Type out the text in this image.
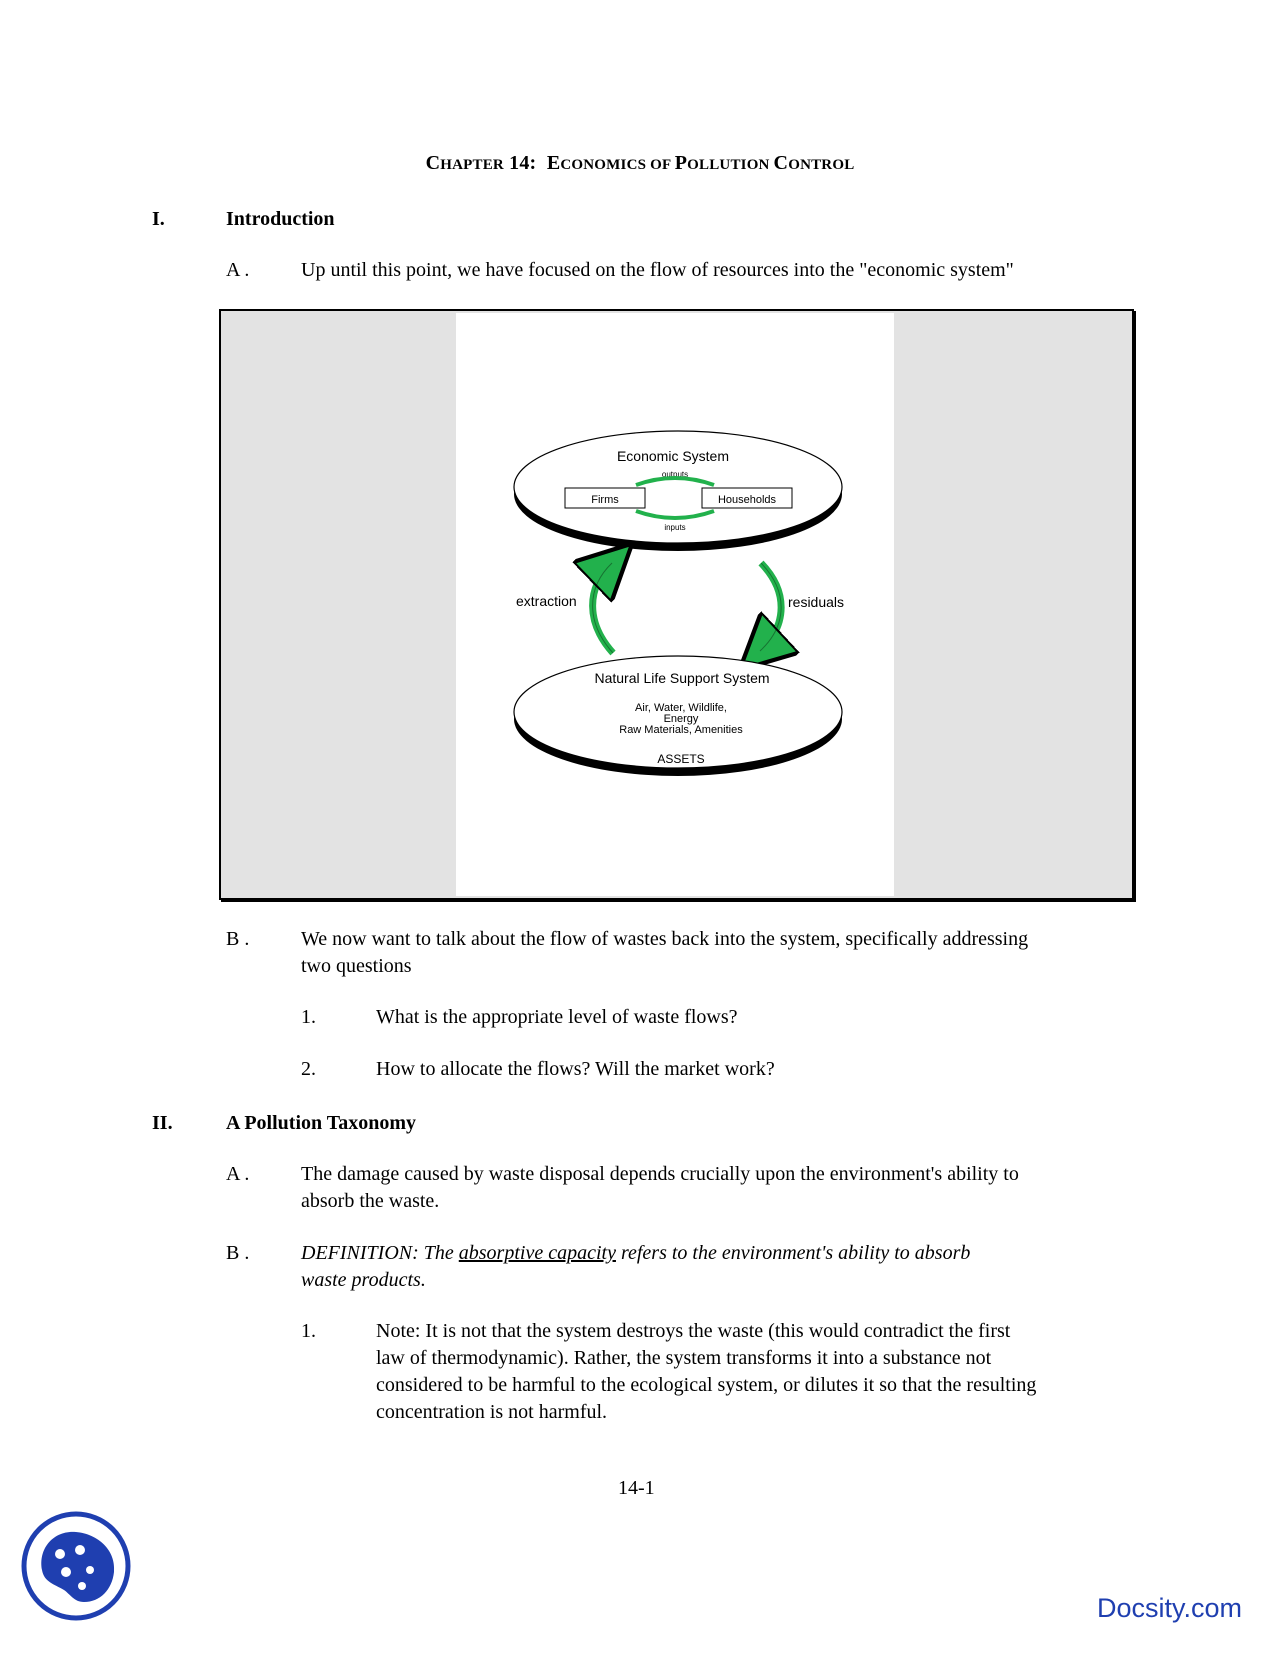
CHAPTER 14: ECONOMICS OF POLLUTION CONTROL
I.	Introduction
A .	Up until this point, we have focused on the flow of resources into the "economic system"
Economic System
outputs
Firms	Households
inputs
extraction	residuals
Natural Life Support System
Air, Water, Wildlife,
Energy
Raw Materials, Amenities
ASSETS
B .	We now want to talk about the flow of wastes back into the system, specifically addressing
two questions
1.	What is the appropriate level of waste flows?
2.	How to allocate the flows? Will the market work?
II.	A Pollution Taxonomy
A .	The damage caused by waste disposal depends crucially upon the environment's ability to
absorb the waste.
B .	DEFINITION: The absorptive capacity refers to the environment's ability to absorb
waste products.
1.	Note: It is not that the system destroys the waste (this would contradict the first
law of thermodynamic). Rather, the system transforms it into a substance not
considered to be harmful to the ecological system, or dilutes it so that the resulting
concentration is not harmful.
14-1
Docsity.com
